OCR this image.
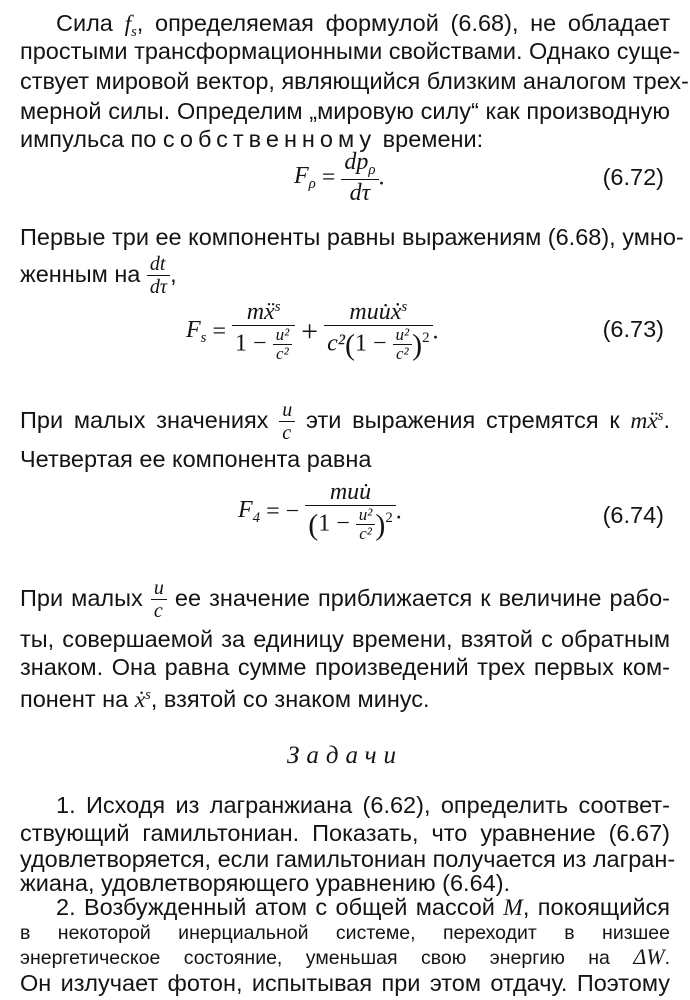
Сила $f_s$, определяемая формулой (6.68), не обладает
простыми трансформационными свойствами. Однако суще-
ствует мировой вектор, являющийся близким аналогом трех-
мерной силы. Определим „мировую силу“ как производную
импульса по собственному времени:
$F_\rho = \frac{dp_\rho}{d\tau}$ .	(6.72)
Первые три ее компоненты равны выражениям (6.68), умно-
женным на $\frac{dt}{d\tau}$ ,
$F_s = \frac{mẍ^s}{1 - \frac{\text{u²}}{\text{c²}}} + \frac{muu̇ẋ^s}{c^2(1 - \frac{\text{u²}}{\text{c²}} )^2}$ .	(6.73)
При малых значениях $\frac{u}{c}$ эти выражения стремятся к mẍ$^s$.
Четвертая ее компонента равна
$F_4$ = − $\frac{\text{muu̇}}{(1 - \frac{\text{u²}}{\text{c²}} )^2}$ .	(6.74)
При малых $\frac{u}{c}$ ее значение приближается к величине рабо-
ты, совершаемой за единицу времени, взятой с обратным
знаком. Она равна сумме произведений трех первых ком-
понент на ẋ$^s$, взятой со знаком минус.
Задачи
1. Исходя из лагранжиана (6.62), определить соответ-
ствующий гамильтониан. Показать, что уравнение (6.67)
удовлетворяется, если гамильтониан получается из лагран-
жиана, удовлетворяющего уравнению (6.64).
2. Возбужденный атом с общей массой M, покоящийся
в некоторой инерциальной системе, переходит в низшее
энергетическое состояние, уменьшая свою энергию на ΔW.
Он излучает фотон, испытывая при этом отдачу. Поэтому
